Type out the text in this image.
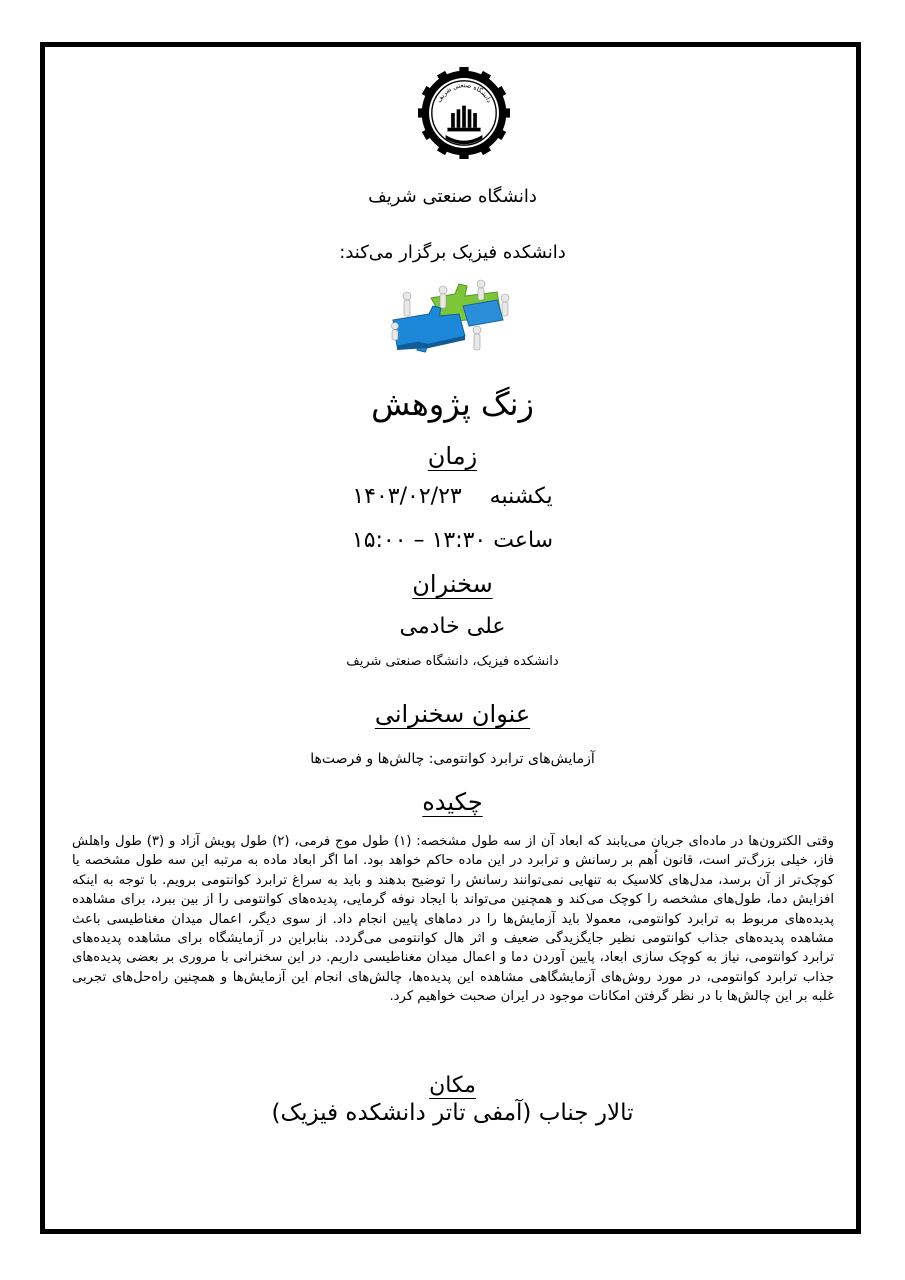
دانشگاه صنعتی شریف
دانشگاه صنعتی شریف
دانشکده فیزیک برگزار می‌کند:
زنگ پژوهش
زمان
یکشنبه    ۱۴۰۳/۰۲/۲۳
ساعت ۱۳:۳۰ – ۱۵:۰۰
سخنران
علی خادمی
دانشکده فیزیک، دانشگاه صنعتی شریف
عنوان سخنرانی
آزمایش‌های ترابرد کوانتومی: چالش‌ها و فرصت‌ها
چکیده
وقتی الکترون‌ها در ماده‌ای جریان می‌یابند که ابعاد آن از سه طول مشخصه: (۱) طول موج فرمی، (۲) طول پویش آزاد و (۳) طول واهلش فاز، خیلی بزرگ‌تر است، قانون اُهم بر رسانش و ترابرد در این ماده حاکم خواهد بود. اما اگر ابعاد ماده به مرتبه این سه طول مشخصه یا کوچک‌تر از آن برسد، مدل‌های کلاسیک به تنهایی نمی‌توانند رسانش را توضیح بدهند و باید به سراغ ترابرد کوانتومی برویم. با توجه به اینکه افزایش دما، طول‌های مشخصه را کوچک می‌کند و همچنین می‌تواند با ایجاد نوفه گرمایی، پدیده‌های کوانتومی را از بین ببرد، برای مشاهده پدیده‌های مربوط به ترابرد کوانتومی، معمولا باید آزمایش‌ها را در دماهای پایین انجام داد. از سوی دیگر، اعمال میدان مغناطیسی باعث مشاهده پدیده‌های جذاب کوانتومی نظیر جایگزیدگی ضعیف و اثر هال کوانتومی می‌گردد. بنابراین در آزمایشگاه برای مشاهده پدیده‌های ترابرد کوانتومی، نیاز به کوچک سازی ابعاد، پایین آوردن دما و اعمال میدان مغناطیسی داریم. در این سخنرانی با مروری بر بعضی پدیده‌های جذاب ترابرد کوانتومی، در مورد روش‌های آزمایشگاهی مشاهده این پدیده‌ها، چالش‌های انجام این آزمایش‌ها و همچنین راه‌حل‌های تجربی غلبه بر این چالش‌ها با در نظر گرفتن امکانات موجود در ایران صحبت خواهیم کرد.
مکان
تالار جناب (آمفی تاتر دانشکده فیزیک)
